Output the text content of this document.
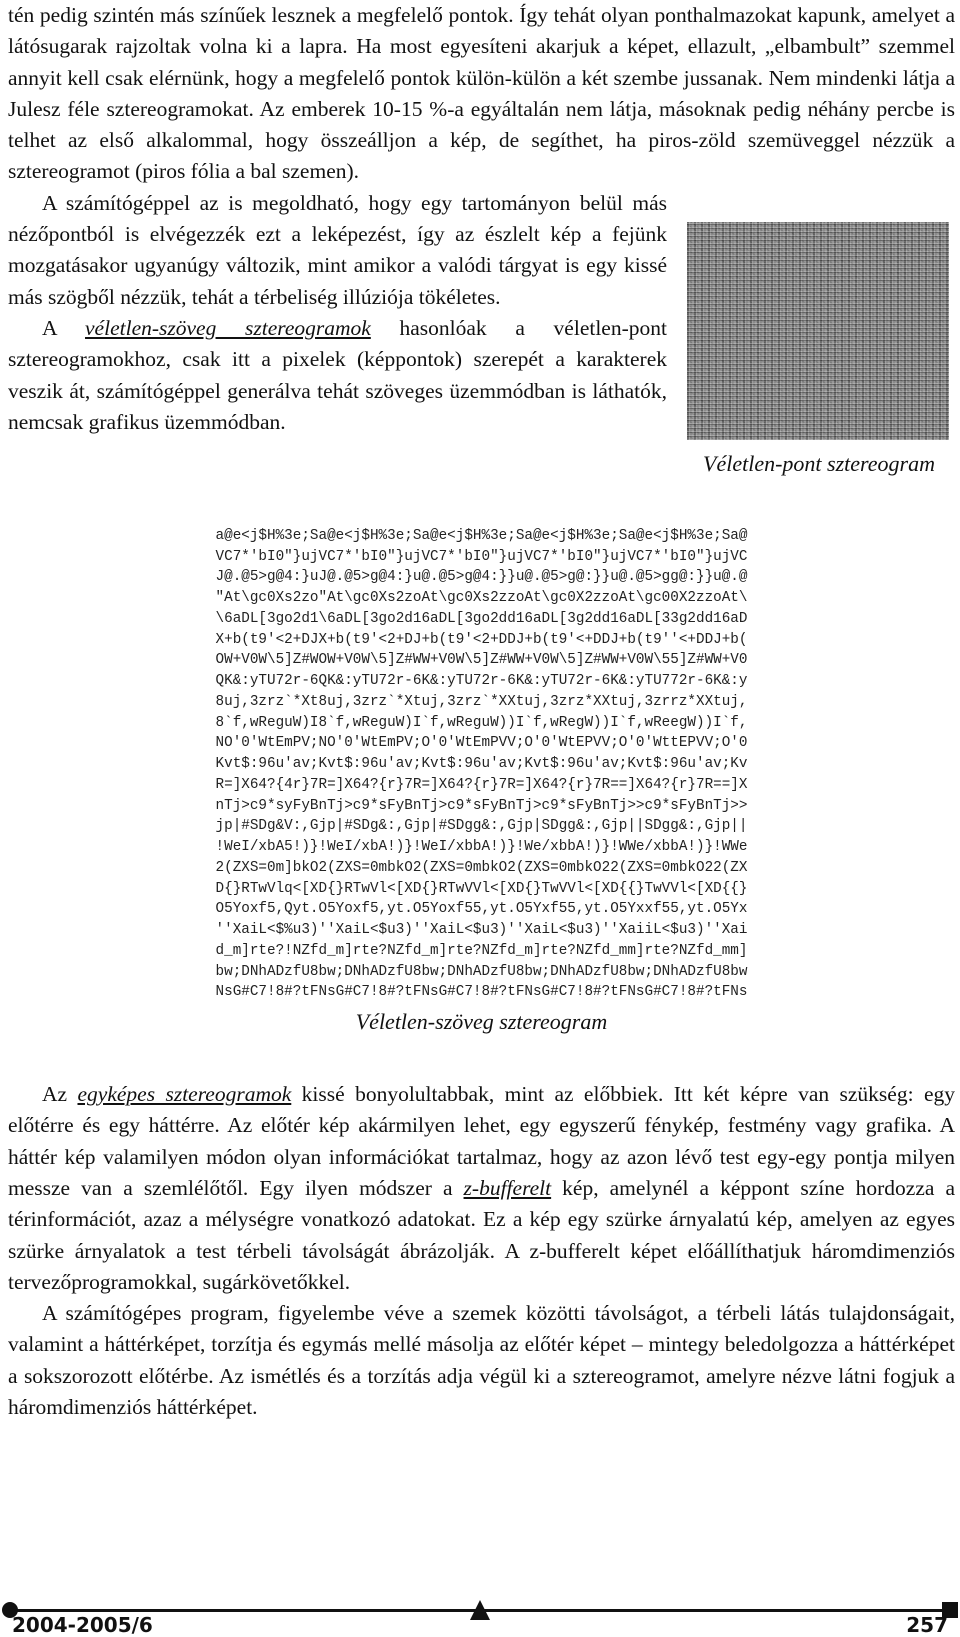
tén pedig szintén más színűek lesznek a megfelelő pontok. Így tehát olyan ponthalmazokat kapunk, amelyet a látósugarak rajzoltak volna ki a lapra. Ha most egyesíteni akarjuk a képet, ellazult, „elbambult” szemmel annyit kell csak elérnünk, hogy a megfelelő pontok külön-külön a két szembe jussanak. Nem mindenki látja a Julesz féle sztereogramokat. Az emberek 10-15 %-a egyáltalán nem látja, másoknak pedig néhány percbe is telhet az első alkalommal, hogy összeálljon a kép, de segíthet, ha piros-zöld szemüveggel nézzük a sztereogramot (piros fólia a bal szemen).

Véletlen-pont sztereogram

A számítógéppel az is megoldható, hogy egy tartományon belül más nézőpontból is elvégezzék ezt a leképezést, így az észlelt kép a fejünk mozgatásakor ugyanúgy változik, mint amikor a valódi tárgyat is egy kissé más szögből nézzük, tehát a térbeliség illúziója tökéletes.

A véletlen-szöveg sztereogramok hasonlóak a véletlen-pont sztereogramokhoz, csak itt a pixelek (képpontok) szerepét a karakterek veszik át, számítógéppel generálva tehát szöveges üzemmódban is láthatók, nemcsak grafikus üzemmódban.

a@e<j$H%3e;Sa@e<j$H%3e;Sa@e<j$H%3e;Sa@e<j$H%3e;Sa@e<j$H%3e;Sa@
VC7*'bI0"}ujVC7*'bI0"}ujVC7*'bI0"}ujVC7*'bI0"}ujVC7*'bI0"}ujVC
J@.@5>g@4:}uJ@.@5>g@4:}u@.@5>g@4:}}u@.@5>g@:}}u@.@5>gg@:}}u@.@
"At\gc0Xs2zo"At\gc0Xs2zoAt\gc0Xs2zzoAt\gc0X2zzoAt\gc00X2zzoAt\
\6aDL[3go2d1\6aDL[3go2d16aDL[3go2dd16aDL[3g2dd16aDL[33g2dd16aD
X+b(t9'<2+DJX+b(t9'<2+DJ+b(t9'<2+DDJ+b(t9'<+DDJ+b(t9''<+DDJ+b(
OW+V0W\5]Z#WOW+V0W\5]Z#WW+V0W\5]Z#WW+V0W\5]Z#WW+V0W\55]Z#WW+V0
QK&:yTU72r-6QK&:yTU72r-6K&:yTU72r-6K&:yTU72r-6K&:yTU772r-6K&:y
8uj,3zrz`*Xt8uj,3zrz`*Xtuj,3zrz`*XXtuj,3zrz*XXtuj,3zrrz*XXtuj,
8`f,wReguW)I8`f,wReguW)I`f,wReguW))I`f,wRegW))I`f,wReegW))I`f,
NO'0'WtEmPV;NO'0'WtEmPV;O'0'WtEmPVV;O'0'WtEPVV;O'0'WttEPVV;O'0
Kvt$:96u'av;Kvt$:96u'av;Kvt$:96u'av;Kvt$:96u'av;Kvt$:96u'av;Kv
R=]X64?{4r}7R=]X64?{r}7R=]X64?{r}7R=]X64?{r}7R==]X64?{r}7R==]X
nTj>c9*syFyBnTj>c9*sFyBnTj>c9*sFyBnTj>c9*sFyBnTj>>c9*sFyBnTj>>
jp|#SDg&V:,Gjp|#SDg&:,Gjp|#SDgg&:,Gjp|SDgg&:,Gjp||SDgg&:,Gjp||
!WeI/xbA5!)}!WeI/xbA!)}!WeI/xbbA!)}!We/xbbA!)}!WWe/xbbA!)}!WWe
2(ZXS=0m]bkO2(ZXS=0mbkO2(ZXS=0mbkO2(ZXS=0mbkO22(ZXS=0mbkO22(ZX
D{}RTwVlq<[XD{}RTwVl<[XD{}RTwVVl<[XD{}TwVVl<[XD{{}TwVVl<[XD{{}
O5Yoxf5,Qyt.O5Yoxf5,yt.O5Yoxf55,yt.O5Yxf55,yt.O5Yxxf55,yt.O5Yx
''XaiL<$%u3)''XaiL<$u3)''XaiL<$u3)''XaiL<$u3)''XaiiL<$u3)''Xai
d_m]rte?!NZfd_m]rte?NZfd_m]rte?NZfd_m]rte?NZfd_mm]rte?NZfd_mm]
bw;DNhADzfU8bw;DNhADzfU8bw;DNhADzfU8bw;DNhADzfU8bw;DNhADzfU8bw
NsG#C7!8#?tFNsG#C7!8#?tFNsG#C7!8#?tFNsG#C7!8#?tFNsG#C7!8#?tFNs
Véletlen-szöveg sztereogram

Az egyképes sztereogramok kissé bonyolultabbak, mint az előbbiek. Itt két képre van szükség: egy előtérre és egy háttérre. Az előtér kép akármilyen lehet, egy egyszerű fénykép, festmény vagy grafika. A háttér kép valamilyen módon olyan információkat tartalmaz, hogy az azon lévő test egy-egy pontja milyen messze van a szemlélőtől. Egy ilyen módszer a z-bufferelt kép, amelynél a képpont színe hordozza a térinformációt, azaz a mélységre vonatkozó adatokat. Ez a kép egy szürke árnyalatú kép, amelyen az egyes szürke árnyalatok a test térbeli távolságát ábrázolják. A z-bufferelt képet előállíthatjuk háromdimenziós tervezőprogramokkal, sugárkövetőkkel.

A számítógépes program, figyelembe véve a szemek közötti távolságot, a térbeli látás tulajdonságait, valamint a háttérképet, torzítja és egymás mellé másolja az előtér képet – mintegy beledolgozza a háttérképet a sokszorozott előtérbe. Az ismétlés és a torzítás adja végül ki a sztereogramot, amelyre nézve látni fogjuk a háromdimenziós háttérképet.

2004-2005/6	257
